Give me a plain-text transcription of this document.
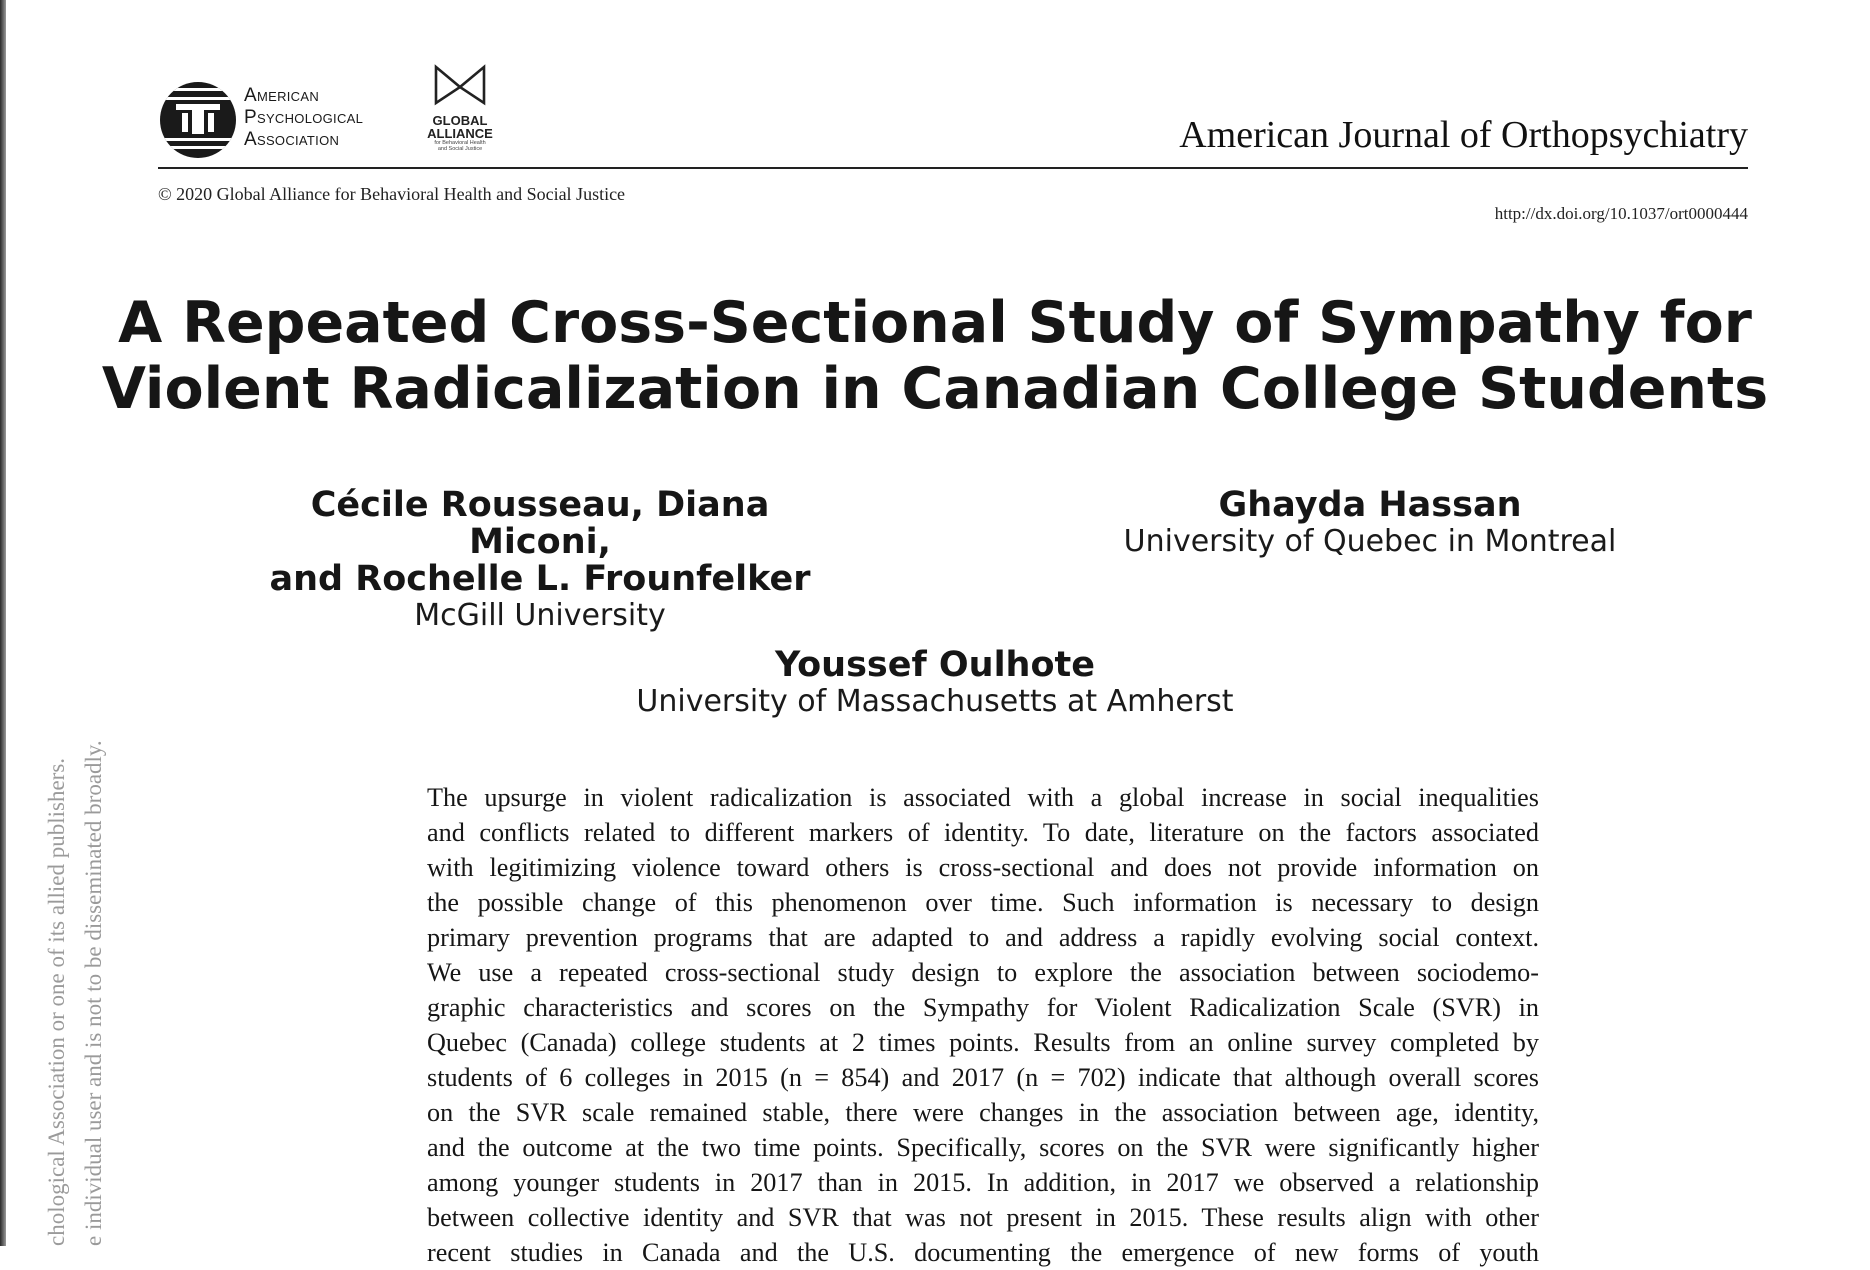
chological Association or one of its allied publishers. e individual user and is not to be disseminated broadly.
American
Psychological
Association
GLOBAL
ALLIANCE
for Behavioral Health
and Social Justice	American Journal of Orthopsychiatry
© 2020 Global Alliance for Behavioral Health and Social Justice
http://dx.doi.org/10.1037/ort0000444
A Repeated Cross-Sectional Study of Sympathy for
Violent Radicalization in Canadian College Students
Cécile Rousseau, Diana Miconi,
and Rochelle L. Frounfelker
McGill University
Ghayda Hassan
University of Quebec in Montreal
Youssef Oulhote
University of Massachusetts at Amherst
The upsurge in violent radicalization is associated with a global increase in social inequalities
and conflicts related to different markers of identity. To date, literature on the factors associated
with legitimizing violence toward others is cross-sectional and does not provide information on
the possible change of this phenomenon over time. Such information is necessary to design
primary prevention programs that are adapted to and address a rapidly evolving social context.
We use a repeated cross-sectional study design to explore the association between sociodemo-
graphic characteristics and scores on the Sympathy for Violent Radicalization Scale (SVR) in
Quebec (Canada) college students at 2 times points. Results from an online survey completed by
students of 6 colleges in 2015 (n = 854) and 2017 (n = 702) indicate that although overall scores
on the SVR scale remained stable, there were changes in the association between age, identity,
and the outcome at the two time points. Specifically, scores on the SVR were significantly higher
among younger students in 2017 than in 2015. In addition, in 2017 we observed a relationship
between collective identity and SVR that was not present in 2015. These results align with other
recent studies in Canada and the U.S. documenting the emergence of new forms of youth
